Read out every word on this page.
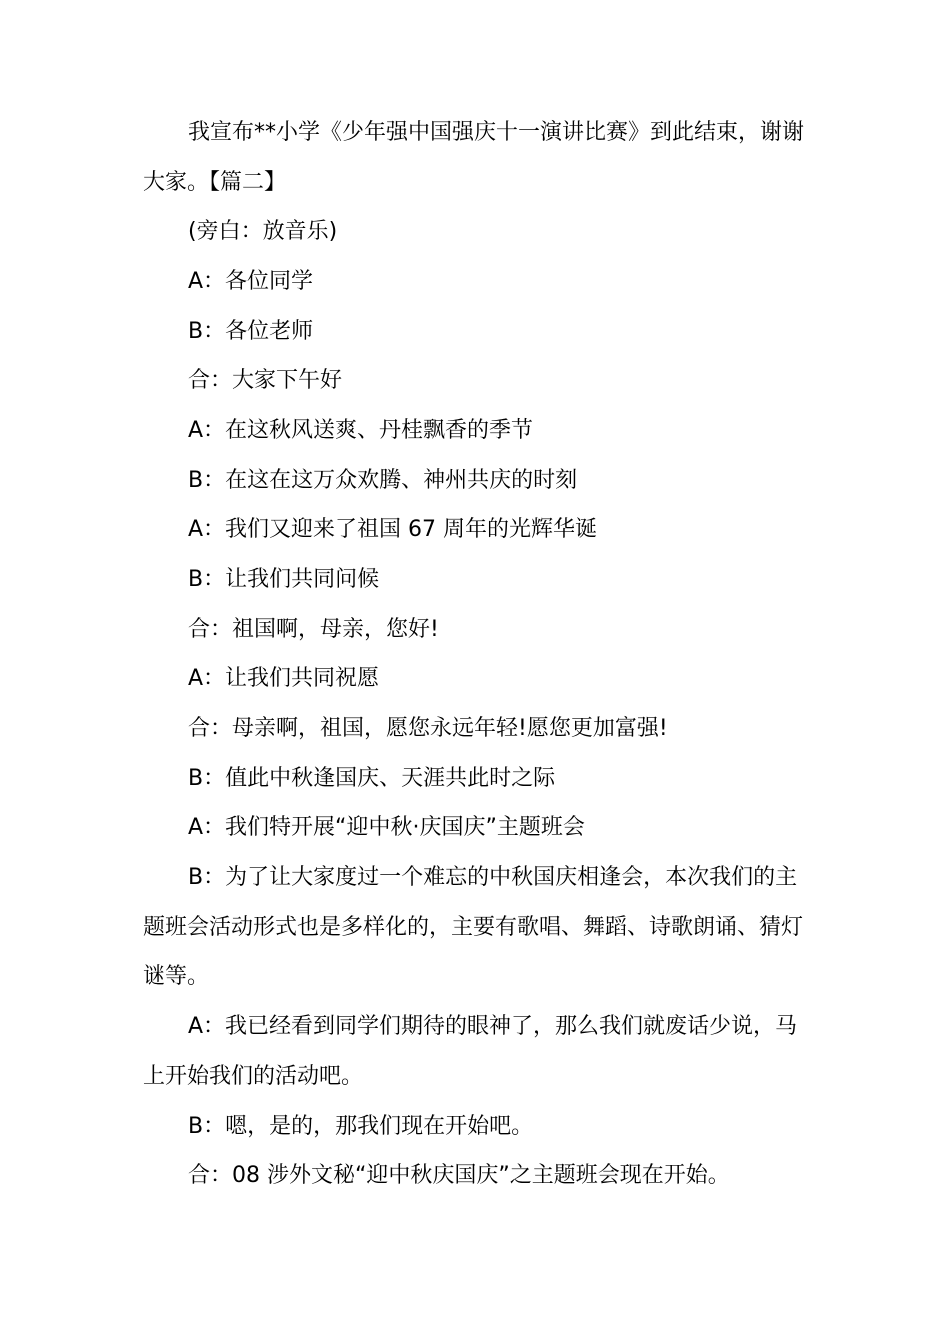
我宣布**小学《少年强中国强庆十一演讲比赛》到此结束，谢谢大家。【篇二】

(旁白：放音乐)

A：各位同学

B：各位老师

合：大家下午好

A：在这秋风送爽、丹桂飘香的季节

B：在这在这万众欢腾、神州共庆的时刻

A：我们又迎来了祖国 67 周年的光辉华诞

B：让我们共同问候

合：祖国啊，母亲，您好!

A：让我们共同祝愿

合：母亲啊，祖国，愿您永远年轻!愿您更加富强!

B：值此中秋逢国庆、天涯共此时之际

A：我们特开展“迎中秋·庆国庆”主题班会

B：为了让大家度过一个难忘的中秋国庆相逢会，本次我们的主题班会活动形式也是多样化的，主要有歌唱、舞蹈、诗歌朗诵、猜灯谜等。

A：我已经看到同学们期待的眼神了，那么我们就废话少说，马上开始我们的活动吧。

B：嗯，是的，那我们现在开始吧。

合：08 涉外文秘“迎中秋庆国庆”之主题班会现在开始。
